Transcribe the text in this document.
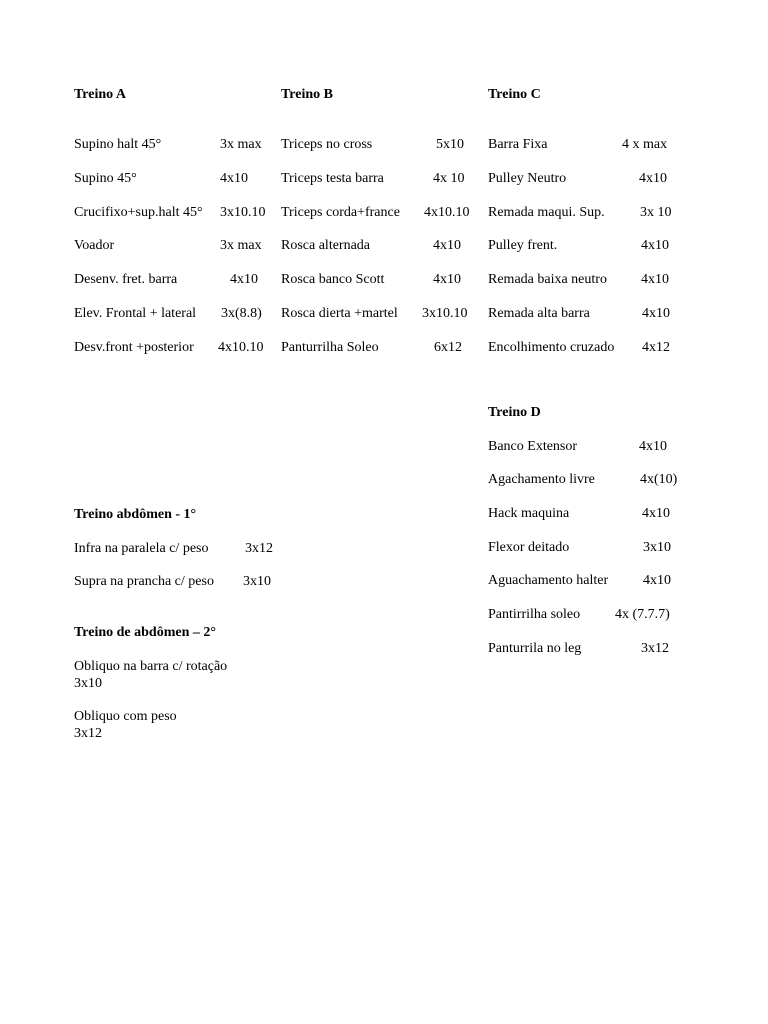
Treino A
Supino halt 45°	3x max
Supino 45°	4x10
Crucifixo+sup.halt 45° 3x10.10
Voador	3x max
Desenv. fret. barra	4x10
Elev. Frontal + lateral 3x(8.8)
Desv.front +posterior 4x10.10
Treino B
Triceps no cross	5x10
Triceps testa barra	4x 10
Triceps corda+france 4x10.10
Rosca alternada	4x10
Rosca banco Scott	4x10
Rosca dierta +martel 3x10.10
Panturrilha Soleo	6x12
Treino C
Barra Fixa	4 x max
Pulley Neutro	4x10
Remada maqui. Sup.	3x 10
Pulley frent.	4x10
Remada baixa neutro 4x10
Remada alta barra	4x10
Encolhimento cruzado 4x12
Treino D
Banco Extensor	4x10
Agachamento livre	4x(10)
Hack maquina	4x10
Flexor deitado	3x10
Aguachamento halter 4x10
Pantirrilha soleo 4x (7.7.7)
Panturrila no leg	3x12
Treino abdômen - 1°
Infra na paralela c/ peso	3x12
Supra na prancha c/ peso 3x10
Treino de abdômen – 2°
Obliquo na barra c/ rotação
3x10
Obliquo com peso
3x12
